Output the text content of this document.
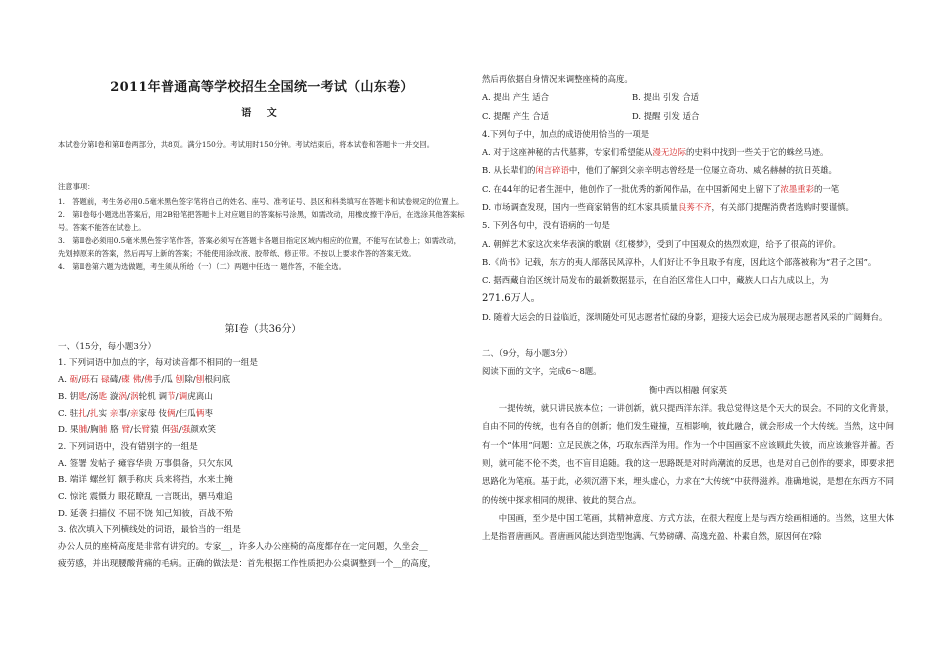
2011年普通高等学校招生全国统一考试（山东卷）
语 文
本试卷分第Ⅰ卷和第Ⅱ卷两部分，共8页。满分150分。考试用时150分钟。考试结束后，将本试卷和答题卡一并交回。
注意事项：
1.　答题前，考生务必用0.5毫米黑色签字笔将自己的姓名、座号、准考证号、县区和科类填写在答题卡和试卷规定的位置上。
2.　第Ⅰ卷每小题选出答案后，用2B铅笔把答题卡上对应题目的答案标号涂黑，如需改动，用橡皮擦干净后，在选涂其他答案标号。答案不能答在试卷上。
3.　第Ⅱ卷必须用0.5毫米黑色签字笔作答，答案必须写在答题卡各题目指定区域内相应的位置，不能写在试卷上；如需改动，先划掉原来的答案，然后再写上新的答案；不能使用涂改液、胶带纸、修正带。不按以上要求作答的答案无效。
4.　第Ⅱ卷第六题为选做题，考生须从所给（一）（二）两题中任选一 题作答，不能全选。
第Ⅰ卷（共36分）
一、（15分，每小题3分）
1. 下列词语中加点的字，每对读音都不相同的一组是
A. 砺/砾石 碌碡/碟 佛/佛手/瓜 刨除/刨根问底
B. 钥匙/汤匙 漩涡/涡轮机 调节/调虎离山
C. 驻扎/扎实 亲事/亲家母 伎俩/仨瓜俩枣
D. 果脯/胸脯 胳 臂/长臂猿 佴强/强颜欢笑
2. 下列词语中，没有错别字的一组是
A. 签署 发帖子 瘫容华贵 万事俱备，只欠东风
B. 端详 螺丝钉 额手称庆 兵来将挡，水来土掩
C. 惊诧 震慑力 眼花瞭乱 一言既出，驷马难追
D. 延袭 扫描仪 不屈不饶 知己知彼，百战不殆
3. 依次填入下列横线处的词语，最恰当的一组是
办公人员的座椅高度是非常有讲究的。专家__，许多人办公座椅的高度都存在一定问题，久坐会__
疲劳感，并出现腰酸背痛的毛病。正确的做法是：首先根据工作性质把办公桌调整到一个__的高度，
然后再依据自身情况来调整座椅的高度。
A. 提出 产生 适合	B. 提出 引发 合适
C. 提醒 产生 合适	D. 提醒 引发 适合
4.下列句子中，加点的成语使用恰当的一项是
A. 对于这座神秘的古代墓葬，专家们希望能从漫无边际的史料中找到一些关于它的蛛丝马迹。
B. 从长辈们的闲言碎语中，他们了解到父亲辛明志曾经是一位屡立奇功、威名赫赫的抗日英雄。
C. 在44年的记者生涯中，他创作了一批优秀的新闻作品，在中国新闻史上留下了浓墨重彩的一笔
D. 市场调查发现，国内一些商家销售的红木家具质量良莠不齐，有关部门提醒消费者选购时要谨慎。
5. 下列各句中，没有语病的一句是
A. 朝鲜艺术家这次来华表演的歌剧《红楼梦》，受到了中国观众的热烈欢迎，给予了很高的评价。
B.《尚书》记载，东方的夷人部落民风淳朴，人们好让不争且取予有度，因此这个部落被称为“君子之国”。
C. 据西藏自治区统计局发布的最新数据显示，在自治区常住人口中，藏族人口占九成以上，为
271.6万人。
D. 随着大运会的日益临近，深圳随处可见志愿者忙碌的身影，迎接大运会已成为展现志愿者风采的广阔舞台。
二、（9分，每小题3分）
阅读下面的文字，完成6～8题。
衡中西以相融 何家英
一提传统，就只讲民族本位；一讲创新，就只提西洋东洋。我总觉得这是个天大的误会。不同的文化背景，自由不同的传统，也有各自的创新；他们发生碰撞，互相影响，彼此融合，就会形成一个大传统。当然，这中间有一个“体用”问题：立足民族之体，巧取东西洋为用。作为一个中国画家不应该顾此失彼，而应该兼容并蓄。否则，就可能不伦不类，也不盲目追随。我的这一思路既是对时尚潮流的反思，也是对自己创作的要求，即要求把思路化为笔痕。基于此，必须沉潜下来，埋头虚心，力求在“大传统”中获得滋养。准确地说，是想在东西方不同的传统中探求相同的规律、彼此的契合点。
中国画，至少是中国工笔画，其精神意度、方式方法，在很大程度上是与西方绘画相通的。当然，这里大体上是指晋唐画风。晋唐画风能达到造型饱满、气势磅礴、高逸充盈、朴素自然，原因何在?除
